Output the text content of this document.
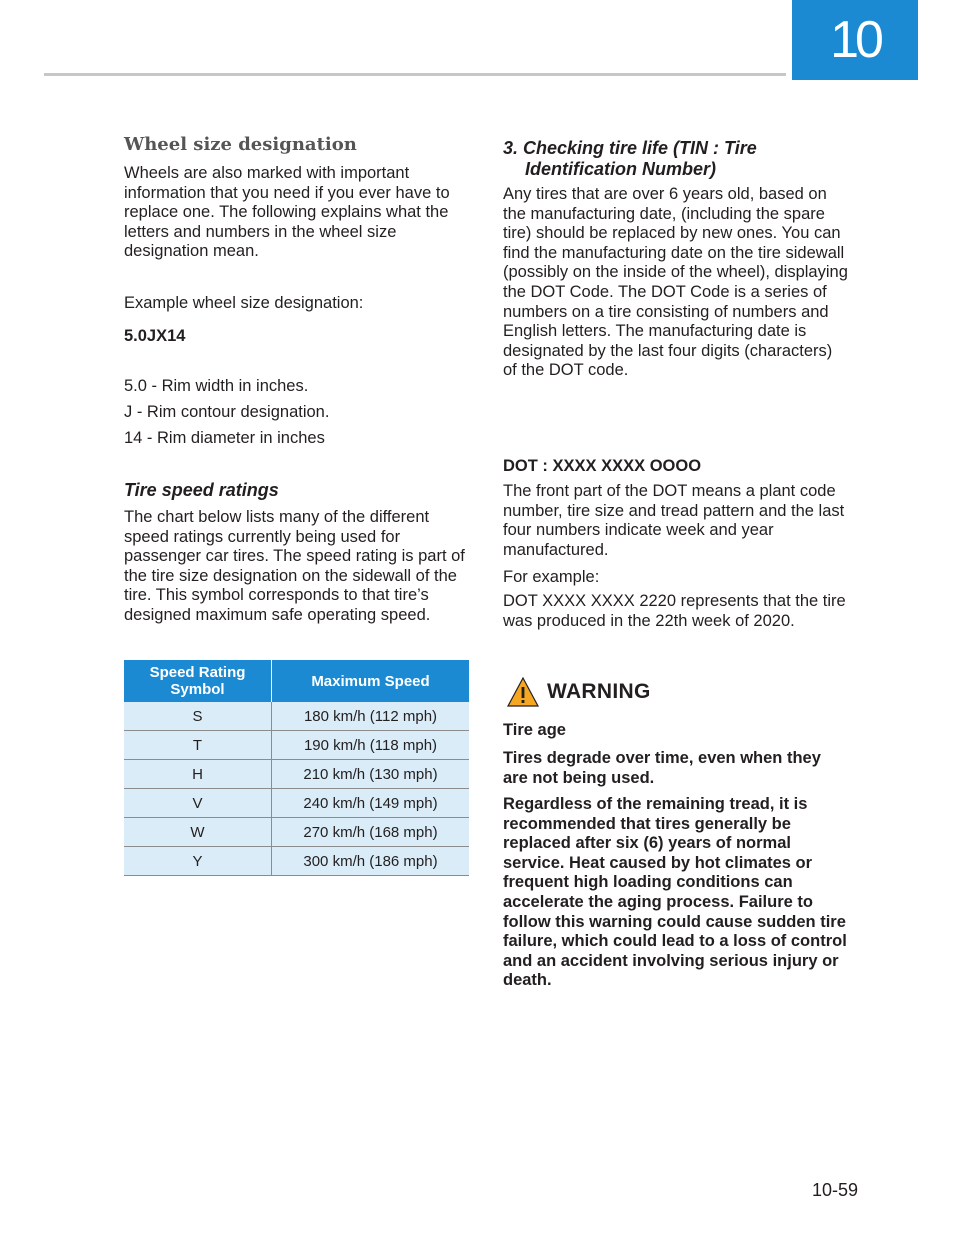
10
Wheel size designation

Wheels are also marked with important information that you need if you ever have to replace one. The following explains what the letters and numbers in the wheel size designation mean.

Example wheel size designation:

5.0JX14

5.0 - Rim width in inches.

J - Rim contour designation.

14 - Rim diameter in inches

Tire speed ratings

The chart below lists many of the different speed ratings currently being used for passenger car tires. The speed rating is part of the tire size designation on the sidewall of the tire. This symbol corresponds to that tire’s designed maximum safe operating speed.

Speed Rating Symbol	Maximum Speed
S	180 km/h (112 mph)
T	190 km/h (118 mph)
H	210 km/h (130 mph)
V	240 km/h (149 mph)
W	270 km/h (168 mph)
Y	300 km/h (186 mph)
3. Checking tire life (TIN : Tire Identification Number)

Any tires that are over 6 years old, based on the manufacturing date, (including the spare tire) should be replaced by new ones. You can find the manufacturing date on the tire sidewall (possibly on the inside of the wheel), displaying the DOT Code. The DOT Code is a series of numbers on a tire consisting of numbers and English letters. The manufacturing date is designated by the last four digits (characters) of the DOT code.

DOT : XXXX XXXX OOOO

The front part of the DOT means a plant code number, tire size and tread pattern and the last four numbers indicate week and year manufactured.

For example:

DOT XXXX XXXX 2220 represents that the tire was produced in the 22th week of 2020.

WARNING

Tire age

Tires degrade over time, even when they are not being used.

Regardless of the remaining tread, it is recommended that tires generally be replaced after six (6) years of normal service. Heat caused by hot climates or frequent high loading conditions can accelerate the aging process. Failure to follow this warning could cause sudden tire failure, which could lead to a loss of control and an accident involving serious injury or death.

10-59
